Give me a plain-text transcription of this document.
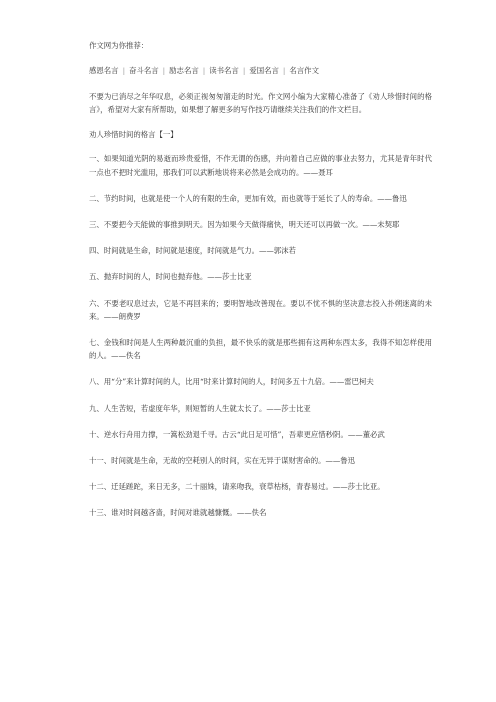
作文网为你推荐：

感恩名言 | 奋斗名言 | 励志名言 | 读书名言 | 爱国名言 | 名言作文

不要为已消尽之年华叹息，必须正视匆匆溜走的时光。作文网小编为大家精心准备了《劝人珍惜时间的格言》，希望对大家有所帮助，如果想了解更多的写作技巧请继续关注我们的作文栏目。

劝人珍惜时间的格言【一】

一、如果知道光阴的易逝而珍贵爱惜，不作无谓的伤感，并向着自己应做的事业去努力，尤其是青年时代一点也不把时光滥用，那我们可以武断地说将来必然是会成功的。——聂耳

二、节约时间，也就是使一个人的有限的生命，更加有效，而也就等于延长了人的寿命。——鲁迅

三、不要把今天能做的事推到明天。因为如果今天做得痛快，明天还可以再做一次。——未契耶

四、时间就是生命，时间就是速度，时间就是气力。——郭沫若

五、抛弃时间的人，时间也抛弃他。——莎士比亚

六、不要老叹息过去，它是不再回来的；要明智地改善现在。要以不忧不惧的坚决意志投入扑朔迷离的未来。——朗费罗

七、金钱和时间是人生两种最沉重的负担，最不快乐的就是那些拥有这两种东西太多，我得不知怎样使用的人。——佚名

八、用“分”来计算时间的人，比用“时来计算时间的人，时间多五十九倍。——雷巴柯夫

九、人生苦短，若虚度年华，则短暂的人生就太长了。——莎士比亚

十、逆水行舟用力撑，一篙松劲退千寻。古云“此日足可惜”，吾辈更应惜秒阴。——董必武

十一、时间就是生命，无故的空耗别人的时间，实在无异于谋财害命的。——鲁迅

十二、迁延蹉跎，来日无多，二十丽姝，请来吻我，衰草枯杨，青春易过。——莎士比亚。

十三、谁对时间越吝啬，时间对谁就越慷慨。——佚名
